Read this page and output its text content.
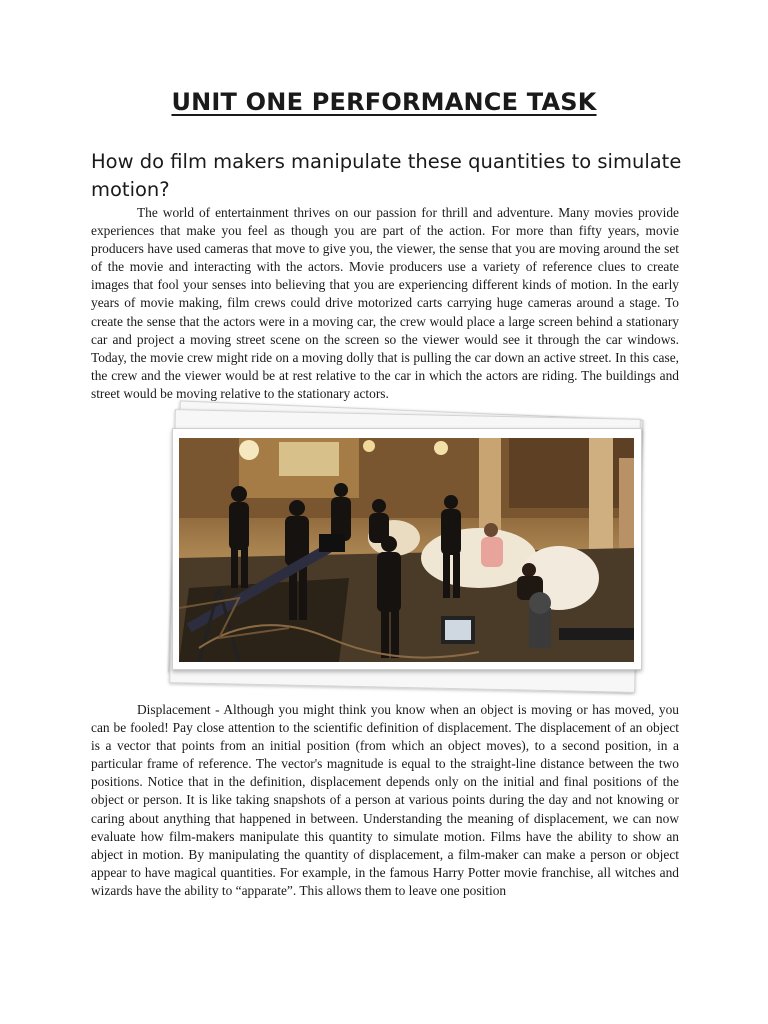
UNIT ONE PERFORMANCE TASK
How do film makers manipulate these quantities to simulate motion?

The world of entertainment thrives on our passion for thrill and adventure. Many movies provide experiences that make you feel as though you are part of the action. For more than fifty years, movie producers have used cameras that move to give you, the viewer, the sense that you are moving around the set of the movie and interacting with the actors. Movie producers use a variety of reference clues to create images that fool your senses into believing that you are experiencing different kinds of motion. In the early years of movie making, film crews could drive motorized carts carrying huge cameras around a stage. To create the sense that the actors were in a moving car, the crew would place a large screen behind a stationary car and project a moving street scene on the screen so the viewer would see it through the car windows. Today, the movie crew might ride on a moving dolly that is pulling the car down an active street. In this case, the crew and the viewer would be at rest relative to the car in which the actors are riding. The buildings and street would be moving relative to the stationary actors.

Displacement - Although you might think you know when an object is moving or has moved, you can be fooled! Pay close attention to the scientific definition of displacement. The displacement of an object is a vector that points from an initial position (from which an object moves), to a second position, in a particular frame of reference. The vector's magnitude is equal to the straight-line distance between the two positions. Notice that in the definition, displacement depends only on the initial and final positions of the object or person. It is like taking snapshots of a person at various points during the day and not knowing or caring about anything that happened in between. Understanding the meaning of displacement, we can now evaluate how film-makers manipulate this quantity to simulate motion. Films have the ability to show an abject in motion. By manipulating the quantity of displacement, a film-maker can make a person or object appear to have magical quantities. For example, in the famous Harry Potter movie franchise, all witches and wizards have the ability to “apparate”. This allows them to leave one position
